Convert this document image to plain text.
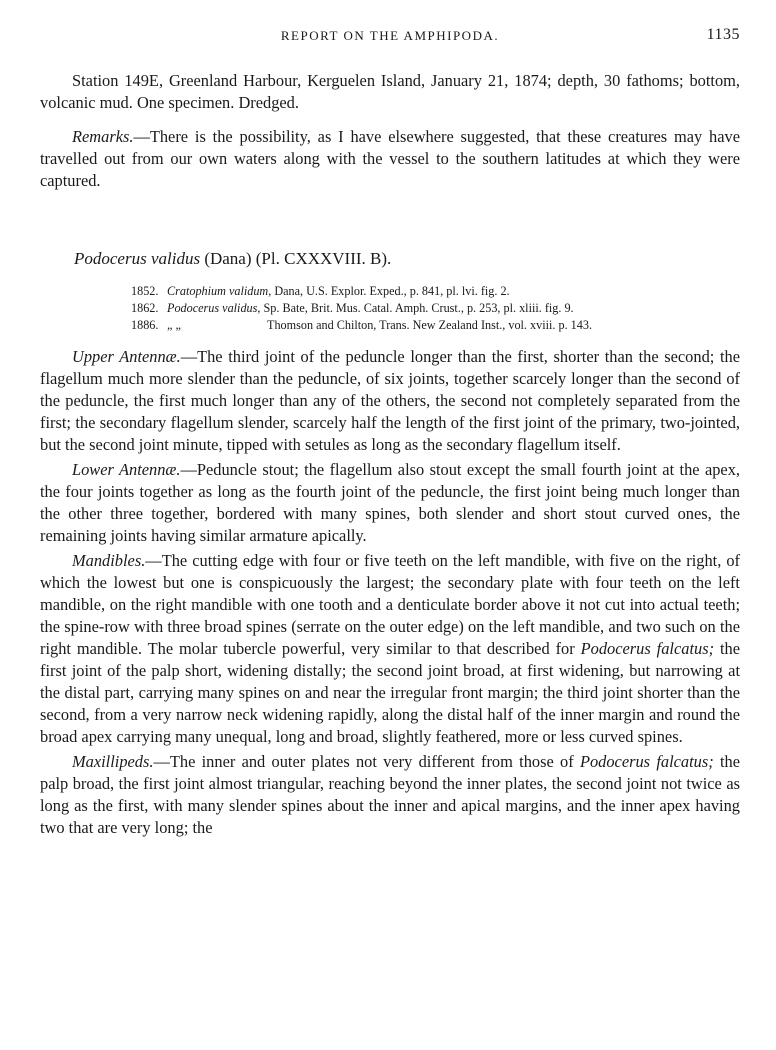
REPORT ON THE AMPHIPODA.	1135

Station 149E, Greenland Harbour, Kerguelen Island, January 21, 1874; depth, 30 fathoms; bottom, volcanic mud. One specimen. Dredged.

Remarks.—There is the possibility, as I have elsewhere suggested, that these creatures may have travelled out from our own waters along with the vessel to the southern latitudes at which they were captured.

Podocerus validus (Dana) (Pl. CXXXVIII. B).
1852. Cratophium validum, Dana, U.S. Explor. Exped., p. 841, pl. lvi. fig. 2.
1862. Podocerus validus, Sp. Bate, Brit. Mus. Catal. Amph. Crust., p. 253, pl. xliii. fig. 9.
1886. „ „	Thomson and Chilton, Trans. New Zealand Inst., vol. xviii. p. 143.

Upper Antennæ.—The third joint of the peduncle longer than the first, shorter than the second; the flagellum much more slender than the peduncle, of six joints, together scarcely longer than the second of the peduncle, the first much longer than any of the others, the second not completely separated from the first; the secondary flagellum slender, scarcely half the length of the first joint of the primary, two-jointed, but the second joint minute, tipped with setules as long as the secondary flagellum itself.

Lower Antennæ.—Peduncle stout; the flagellum also stout except the small fourth joint at the apex, the four joints together as long as the fourth joint of the peduncle, the first joint being much longer than the other three together, bordered with many spines, both slender and short stout curved ones, the remaining joints having similar armature apically.

Mandibles.—The cutting edge with four or five teeth on the left mandible, with five on the right, of which the lowest but one is conspicuously the largest; the secondary plate with four teeth on the left mandible, on the right mandible with one tooth and a denticulate border above it not cut into actual teeth; the spine-row with three broad spines (serrate on the outer edge) on the left mandible, and two such on the right mandible. The molar tubercle powerful, very similar to that described for Podocerus falcatus; the first joint of the palp short, widening distally; the second joint broad, at first widening, but narrowing at the distal part, carrying many spines on and near the irregular front margin; the third joint shorter than the second, from a very narrow neck widening rapidly, along the distal half of the inner margin and round the broad apex carrying many unequal, long and broad, slightly feathered, more or less curved spines.

Maxillipeds.—The inner and outer plates not very different from those of Podocerus falcatus; the palp broad, the first joint almost triangular, reaching beyond the inner plates, the second joint not twice as long as the first, with many slender spines about the inner and apical margins, and the inner apex having two that are very long; the
